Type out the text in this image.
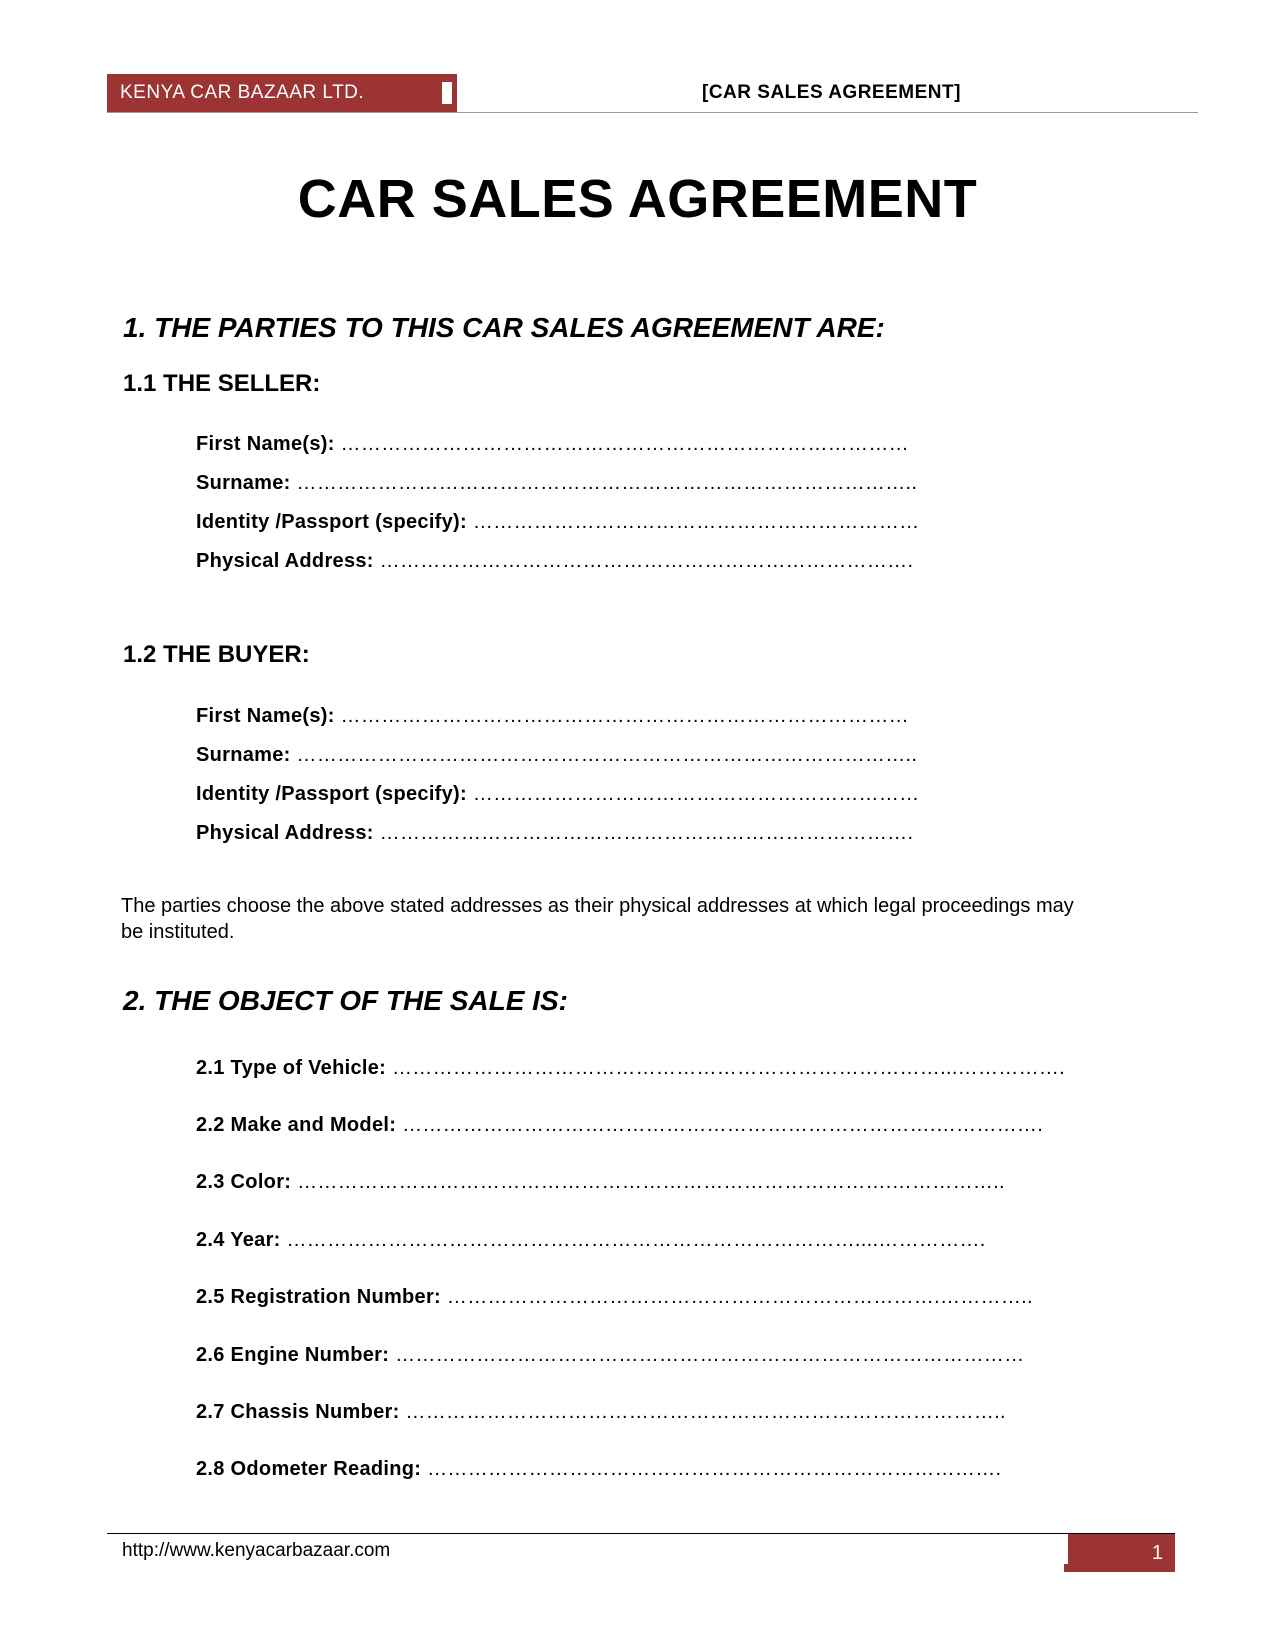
KENYA CAR BAZAAR LTD.	[CAR SALES AGREEMENT]
CAR SALES AGREEMENT
1. THE PARTIES TO THIS CAR SALES AGREEMENT ARE:
1.1 THE SELLER:
First Name(s): …………………………………………………………………………
Surname: ………………………………………………………………………………..
Identity /Passport (specify): …………………………………………………………
Physical Address: …………………………………………………………………….
1.2 THE BUYER:
First Name(s): …………………………………………………………………………
Surname: ………………………………………………………………………………..
Identity /Passport (specify): …………………………………………………………
Physical Address: …………………………………………………………………….
The parties choose the above stated addresses as their physical addresses at which legal proceedings may be instituted.
2. THE OBJECT OF THE SALE IS:
2.1 Type of Vehicle: ………………………………………………………………………...…………….
2.2 Make and Model: …………………………………………………………………….…………….
2.3 Color: …………………………………………………………………………….……………..
2.4 Year: …………………………………………………………………………....…………….
2.5 Registration Number: ……………………………………………………………….…………..
2.6 Engine Number: …………………………………………………………………………………
2.7 Chassis Number: ……………………………………………………………………………..
2.8 Odometer Reading: ………………………………………………………………………….
http://www.kenyacarbazaar.com	1
